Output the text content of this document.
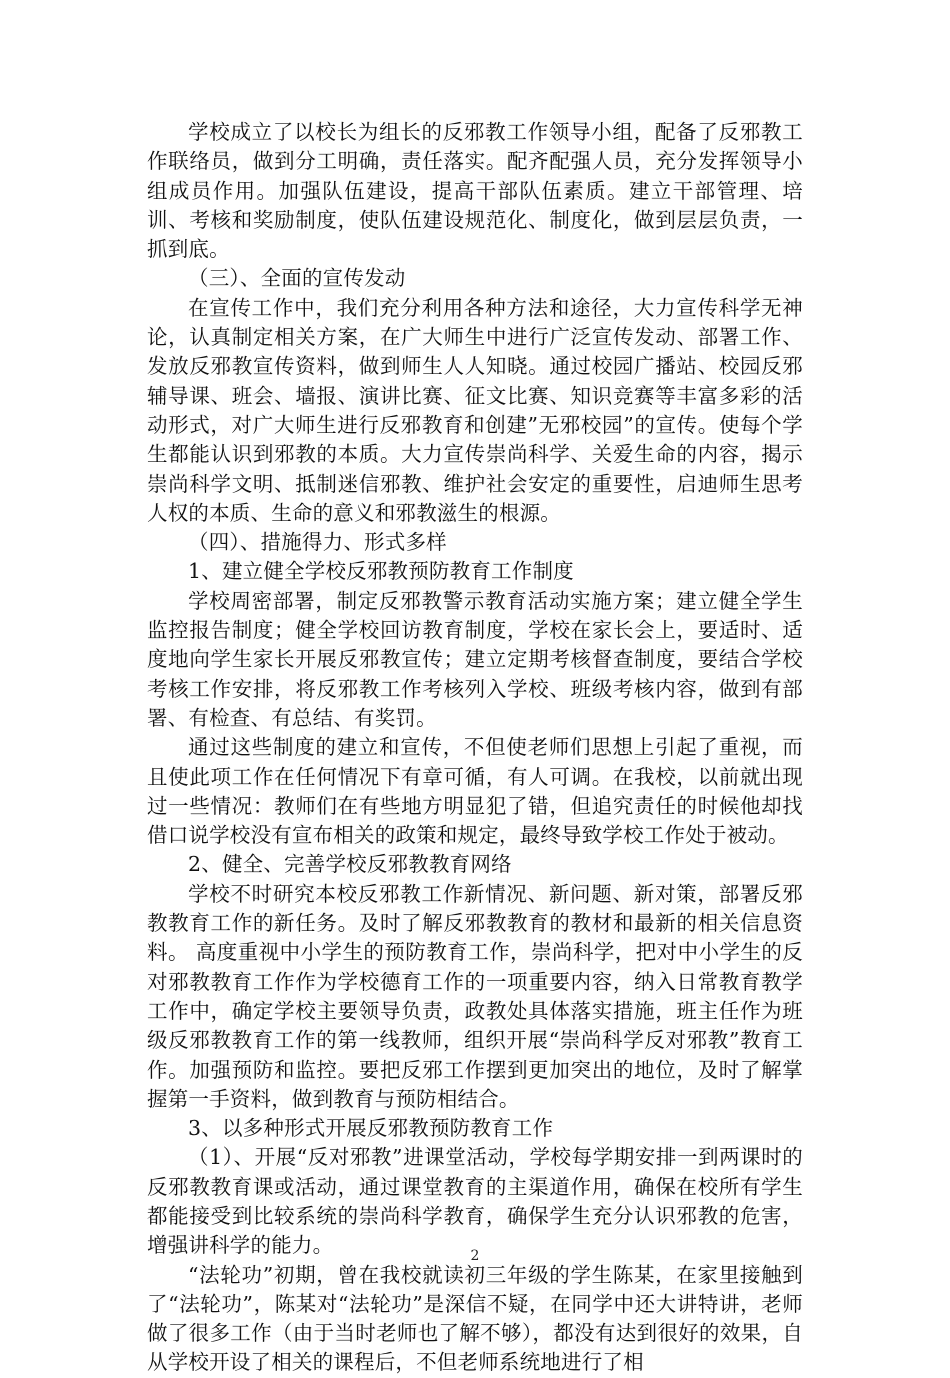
学校成立了以校长为组长的反邪教工作领导小组，配备了反邪教工作联络员，做到分工明确，责任落实。配齐配强人员，充分发挥领导小组成员作用。加强队伍建设，提高干部队伍素质。建立干部管理、培训、考核和奖励制度，使队伍建设规范化、制度化，做到层层负责，一抓到底。

（三）、全面的宣传发动

在宣传工作中，我们充分利用各种方法和途径，大力宣传科学无神论，认真制定相关方案，在广大师生中进行广泛宣传发动、部署工作、发放反邪教宣传资料，做到师生人人知晓。通过校园广播站、校园反邪辅导课、班会、墙报、演讲比赛、征文比赛、知识竞赛等丰富多彩的活动形式，对广大师生进行反邪教育和创建”无邪校园”的宣传。使每个学生都能认识到邪教的本质。大力宣传崇尚科学、关爱生命的内容，揭示崇尚科学文明、抵制迷信邪教、维护社会安定的重要性，启迪师生思考人权的本质、生命的意义和邪教滋生的根源。

（四）、措施得力、形式多样

1、建立健全学校反邪教预防教育工作制度

学校周密部署，制定反邪教警示教育活动实施方案；建立健全学生监控报告制度；健全学校回访教育制度，学校在家长会上，要适时、适度地向学生家长开展反邪教宣传；建立定期考核督查制度，要结合学校考核工作安排，将反邪教工作考核列入学校、班级考核内容，做到有部署、有检查、有总结、有奖罚。

通过这些制度的建立和宣传，不但使老师们思想上引起了重视，而且使此项工作在任何情况下有章可循，有人可调。在我校，以前就出现过一些情况：教师们在有些地方明显犯了错，但追究责任的时候他却找借口说学校没有宣布相关的政策和规定，最终导致学校工作处于被动。

2、健全、完善学校反邪教教育网络

学校不时研究本校反邪教工作新情况、新问题、新对策，部署反邪教教育工作的新任务。及时了解反邪教教育的教材和最新的相关信息资料。 高度重视中小学生的预防教育工作，崇尚科学，把对中小学生的反对邪教教育工作作为学校德育工作的一项重要内容，纳入日常教育教学工作中，确定学校主要领导负责，政教处具体落实措施，班主任作为班级反邪教教育工作的第一线教师，组织开展“崇尚科学反对邪教”教育工作。加强预防和监控。要把反邪工作摆到更加突出的地位，及时了解掌握第一手资料，做到教育与预防相结合。

3、以多种形式开展反邪教预防教育工作

（1）、开展“反对邪教”进课堂活动，学校每学期安排一到两课时的反邪教教育课或活动，通过课堂教育的主渠道作用，确保在校所有学生都能接受到比较系统的崇尚科学教育，确保学生充分认识邪教的危害，增强讲科学的能力。

“法轮功”初期，曾在我校就读初三年级的学生陈某，在家里接触到了“法轮功”，陈某对“法轮功”是深信不疑，在同学中还大讲特讲，老师做了很多工作（由于当时老师也了解不够），都没有达到很好的效果，自从学校开设了相关的课程后，不但老师系统地进行了相

2
